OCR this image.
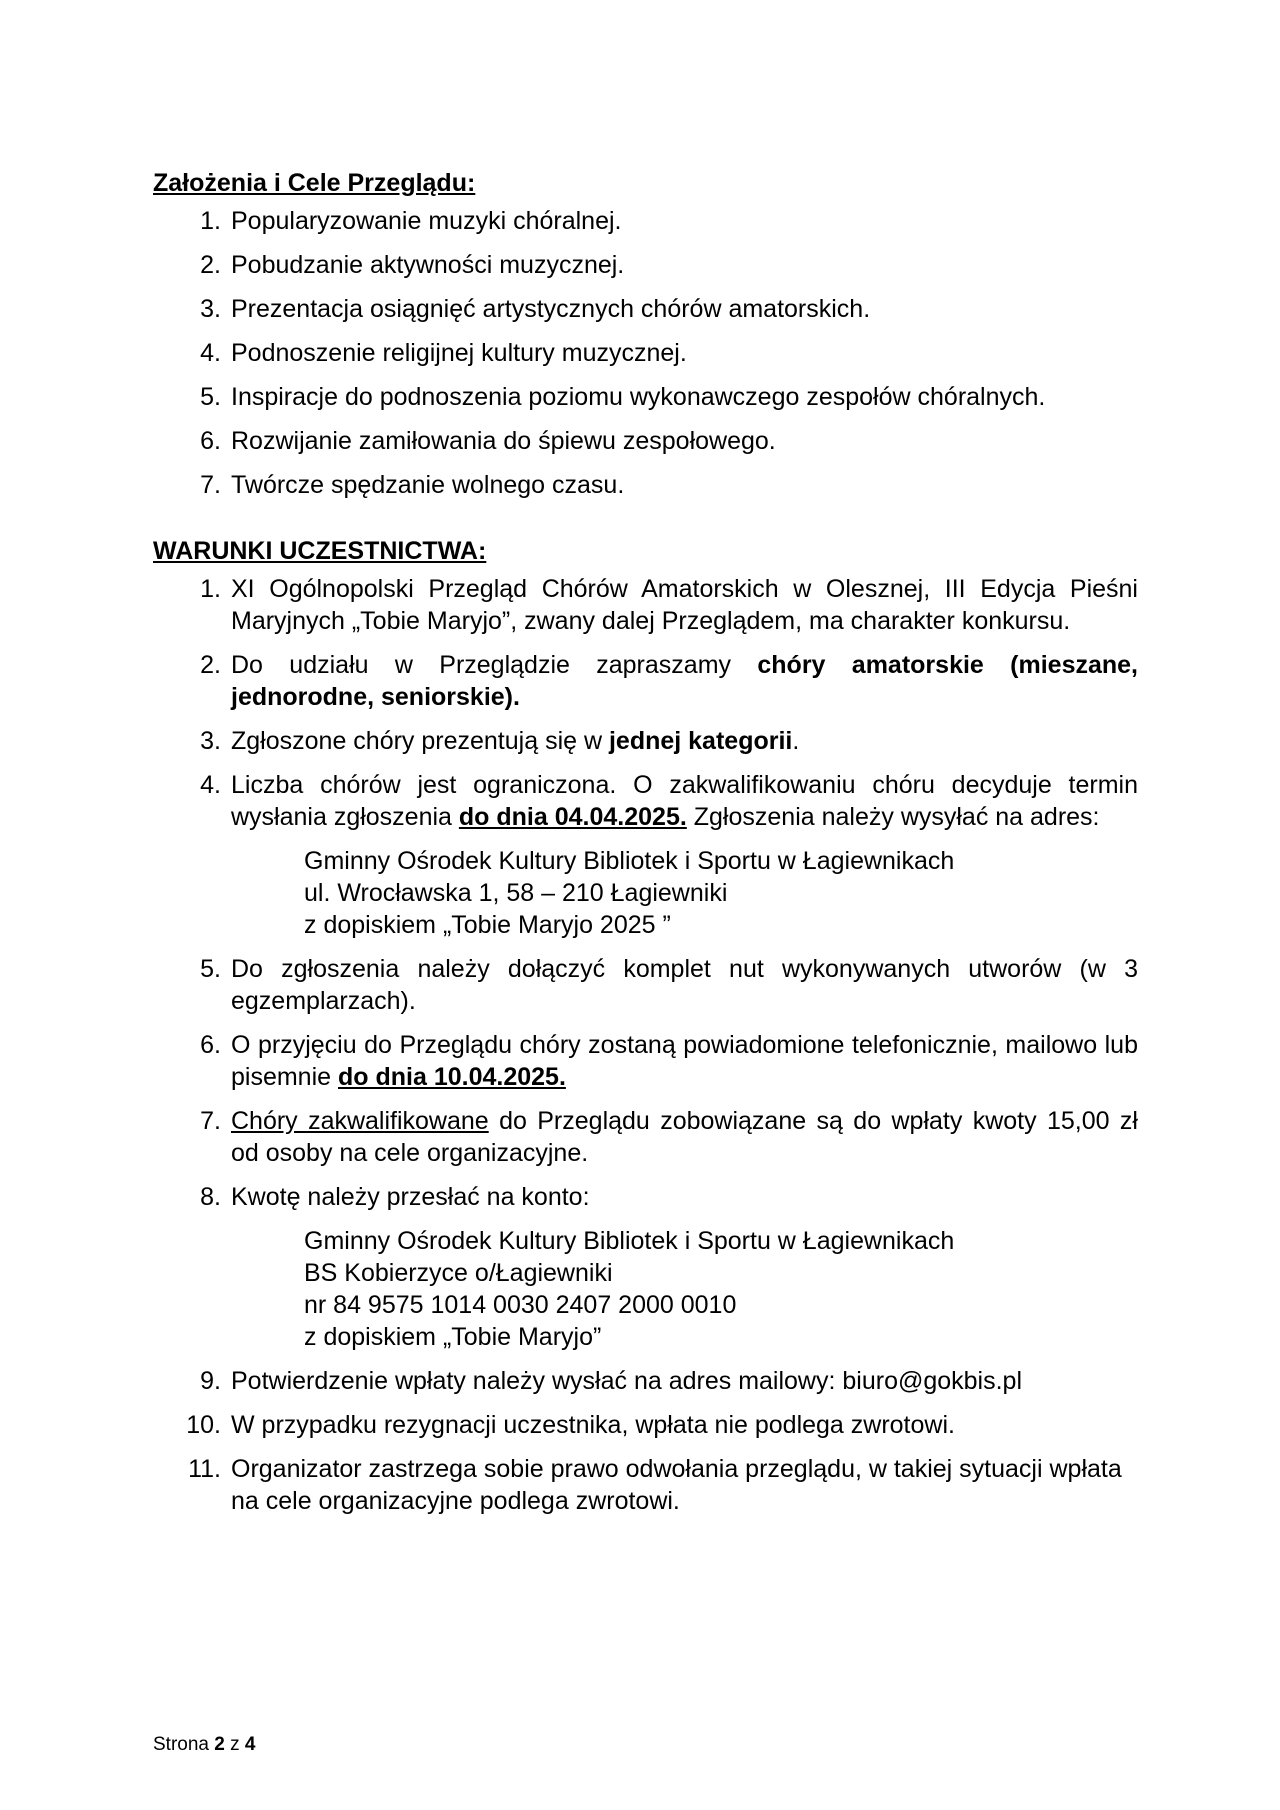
Założenia i Cele Przeglądu:
1. Popularyzowanie muzyki chóralnej.
2. Pobudzanie aktywności muzycznej.
3. Prezentacja osiągnięć artystycznych chórów amatorskich.
4. Podnoszenie religijnej kultury muzycznej.
5. Inspiracje do podnoszenia poziomu wykonawczego zespołów chóralnych.
6. Rozwijanie zamiłowania do śpiewu zespołowego.
7. Twórcze spędzanie wolnego czasu.
WARUNKI UCZESTNICTWA:
1. XI Ogólnopolski Przegląd Chórów Amatorskich w Olesznej, III Edycja Pieśni Maryjnych „Tobie Maryjo”, zwany dalej Przeglądem, ma charakter konkursu.
2. Do udziału w Przeglądzie zapraszamy chóry amatorskie (mieszane, jednorodne, seniorskie).
3. Zgłoszone chóry prezentują się w jednej kategorii.
4. Liczba chórów jest ograniczona. O zakwalifikowaniu chóru decyduje termin wysłania zgłoszenia do dnia 04.04.2025. Zgłoszenia należy wysyłać na adres:
Gminny Ośrodek Kultury Bibliotek i Sportu w Łagiewnikach
ul. Wrocławska 1, 58 – 210 Łagiewniki
z dopiskiem „Tobie Maryjo 2025 ”
5. Do zgłoszenia należy dołączyć komplet nut wykonywanych utworów (w 3 egzemplarzach).
6. O przyjęciu do Przeglądu chóry zostaną powiadomione telefonicznie, mailowo lub pisemnie do dnia 10.04.2025.
7. Chóry zakwalifikowane do Przeglądu zobowiązane są do wpłaty kwoty 15,00 zł od osoby na cele organizacyjne.
8. Kwotę należy przesłać na konto:
Gminny Ośrodek Kultury Bibliotek i Sportu w Łagiewnikach
BS Kobierzyce o/Łagiewniki
nr 84 9575 1014 0030 2407 2000 0010
z dopiskiem „Tobie Maryjo”
9. Potwierdzenie wpłaty należy wysłać na adres mailowy: biuro@gokbis.pl
10. W przypadku rezygnacji uczestnika, wpłata nie podlega zwrotowi.
11. Organizator zastrzega sobie prawo odwołania przeglądu, w takiej sytuacji wpłata na cele organizacyjne podlega zwrotowi.
Strona 2 z 4
